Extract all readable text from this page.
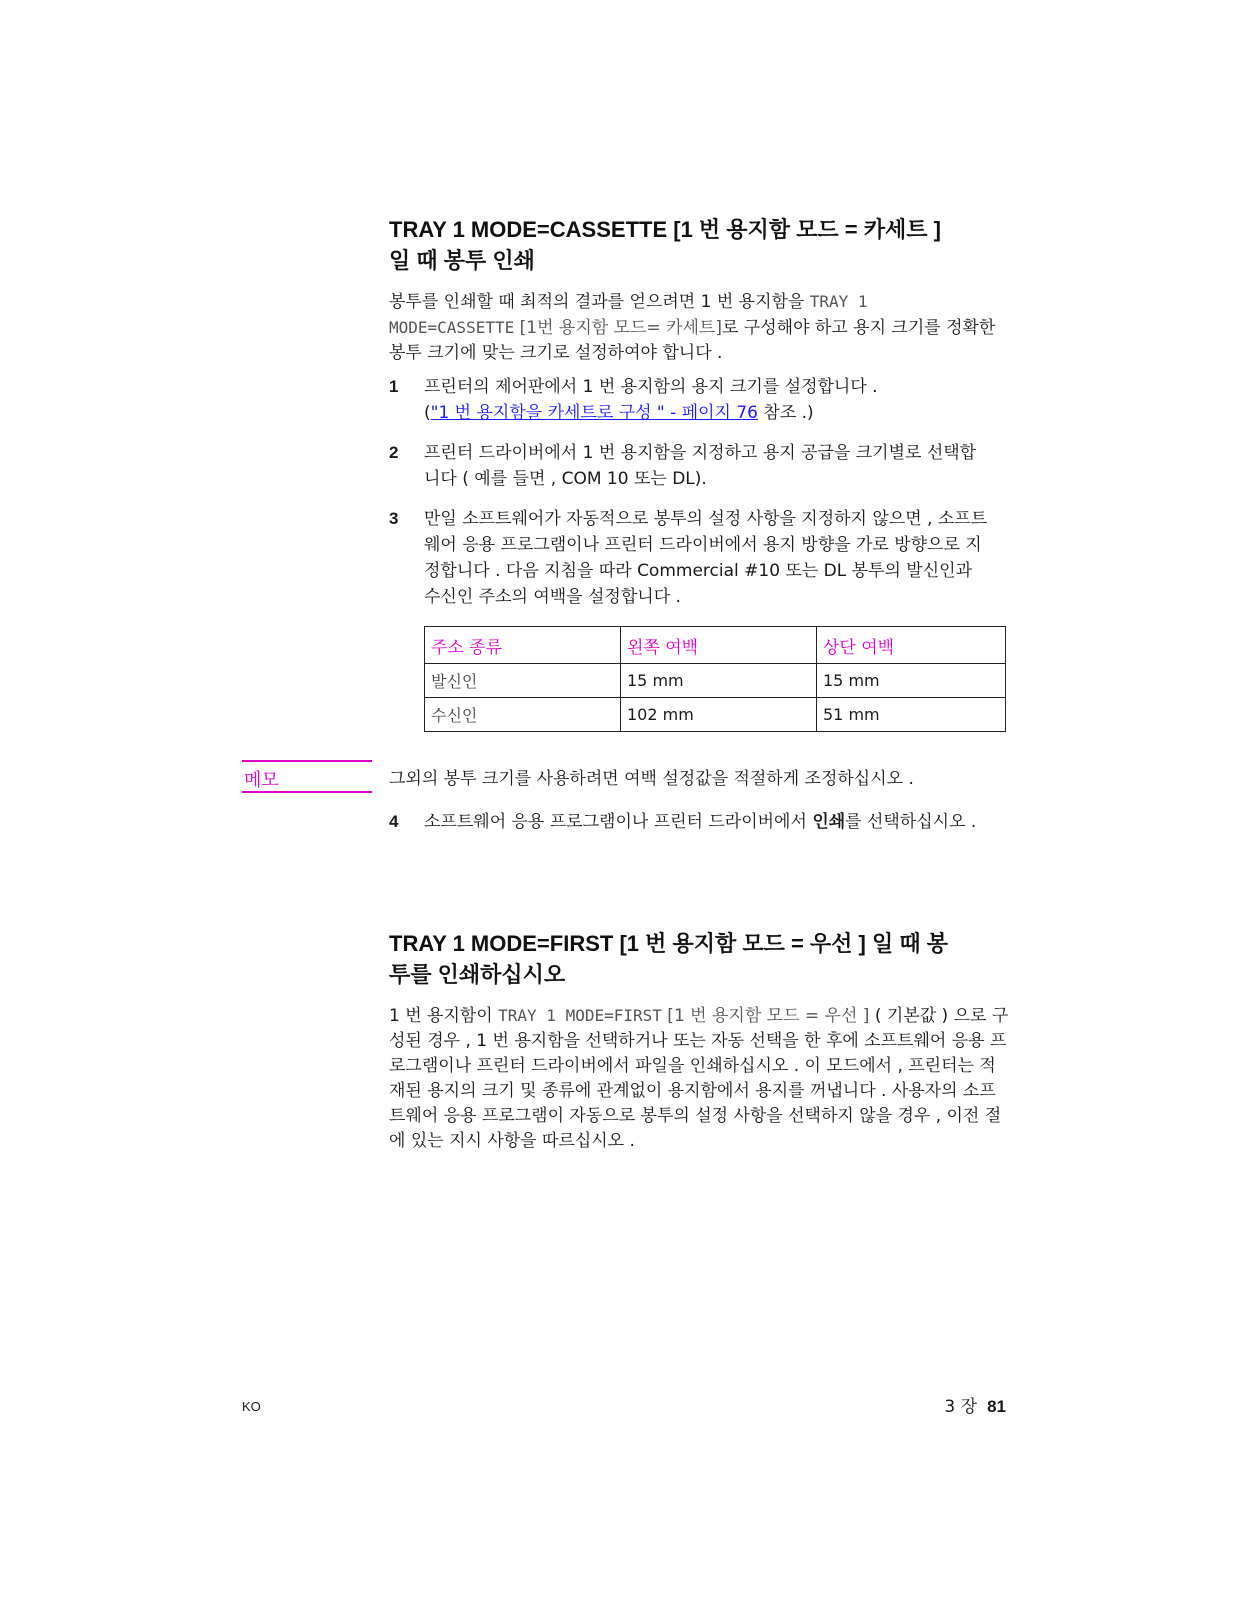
TRAY 1 MODE=CASSETTE [1 번 용지함 모드 = 카세트 ]
일 때 봉투 인쇄

봉투를 인쇄할 때 최적의 결과를 얻으려면 1 번 용지함을 TRAY 1
MODE=CASSETTE [1번 용지함 모드= 카세트]로 구성해야 하고 용지 크기를 정확한 봉투 크기에 맞는 크기로 설정하여야 합니다 .

1 프린터의 제어판에서 1 번 용지함의 용지 크기를 설정합니다 .
("1 번 용지함을 카세트로 구성 " - 페이지 76 참조 .)

2 프린터 드라이버에서 1 번 용지함을 지정하고 용지 공급을 크기별로 선택합니다 ( 예를 들면 , COM 10 또는 DL).

3 만일 소프트웨어가 자동적으로 봉투의 설정 사항을 지정하지 않으면 , 소프트웨어 응용 프로그램이나 프린터 드라이버에서 용지 방향을 가로 방향으로 지정합니다 . 다음 지침을 따라 Commercial #10 또는 DL 봉투의 발신인과 수신인 주소의 여백을 설정합니다 .

주소 종류	왼쪽 여백	상단 여백
발신인	15 mm	15 mm
수신인	102 mm	51 mm
메모	그외의 봉투 크기를 사용하려면 여백 설정값을 적절하게 조정하십시오 .

4 소프트웨어 응용 프로그램이나 프린터 드라이버에서 인쇄를 선택하십시오 .

TRAY 1 MODE=FIRST [1 번 용지함 모드 = 우선 ] 일 때 봉
투를 인쇄하십시오

1 번 용지함이 TRAY 1 MODE=FIRST [1 번 용지함 모드 = 우선 ] ( 기본값 ) 으로 구성된 경우 , 1 번 용지함을 선택하거나 또는 자동 선택을 한 후에 소프트웨어 응용 프로그램이나 프린터 드라이버에서 파일을 인쇄하십시오 . 이 모드에서 , 프린터는 적재된 용지의 크기 및 종류에 관계없이 용지함에서 용지를 꺼냅니다 . 사용자의 소프트웨어 응용 프로그램이 자동으로 봉투의 설정 사항을 선택하지 않을 경우 , 이전 절에 있는 지시 사항을 따르십시오 .

KO	3 장 81
